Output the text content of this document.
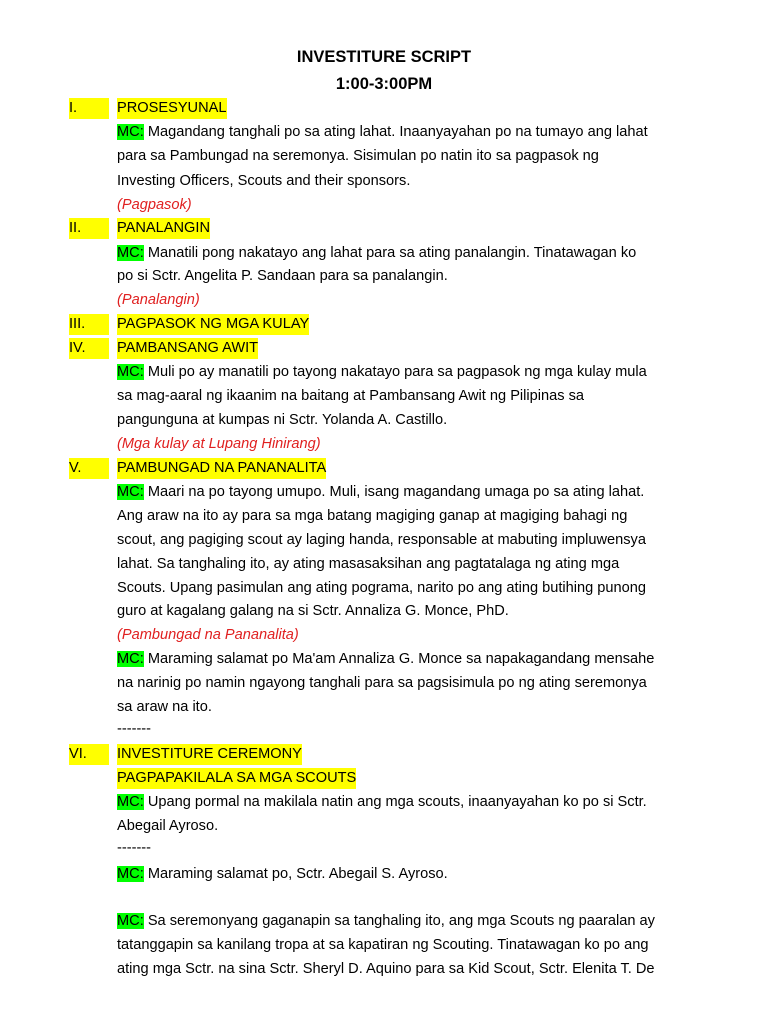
INVESTITURE SCRIPT
1:00-3:00PM
I.	PROSESYUNAL
MC: Magandang tanghali po sa ating lahat. Inaanyayahan po na tumayo ang lahat
para sa Pambungad na seremonya. Sisimulan po natin ito sa pagpasok ng
Investing Officers, Scouts and their sponsors.
(Pagpasok)
II.	PANALANGIN
MC: Manatili pong nakatayo ang lahat para sa ating panalangin. Tinatawagan ko
po si Sctr. Angelita P. Sandaan para sa panalangin.
(Panalangin)
III.	PAGPASOK NG MGA KULAY
IV.	PAMBANSANG AWIT
MC: Muli po ay manatili po tayong nakatayo para sa pagpasok ng mga kulay mula
sa mag-aaral ng ikaanim na baitang at Pambansang Awit ng Pilipinas sa
pangunguna at kumpas ni Sctr. Yolanda A. Castillo.
(Mga kulay at Lupang Hinirang)
V.	PAMBUNGAD NA PANANALITA
MC: Maari na po tayong umupo. Muli, isang magandang umaga po sa ating lahat.
Ang araw na ito ay para sa mga batang magiging ganap at magiging bahagi ng
scout, ang pagiging scout ay laging handa, responsable at mabuting impluwensya
lahat. Sa tanghaling ito, ay ating masasaksihan ang pagtatalaga ng ating mga
Scouts. Upang pasimulan ang ating pograma, narito po ang ating butihing punong
guro at kagalang galang na si Sctr. Annaliza G. Monce, PhD.
(Pambungad na Pananalita)
MC: Maraming salamat po Ma'am Annaliza G. Monce sa napakagandang mensahe
na narinig po namin ngayong tanghali para sa pagsisimula po ng ating seremonya
sa araw na ito.
-------
VI.	INVESTITURE CEREMONY
PAGPAPAKILALA SA MGA SCOUTS
MC: Upang pormal na makilala natin ang mga scouts, inaanyayahan ko po si Sctr.
Abegail Ayroso.
-------
MC: Maraming salamat po, Sctr. Abegail S. Ayroso.
MC: Sa seremonyang gaganapin sa tanghaling ito, ang mga Scouts ng paaralan ay
tatanggapin sa kanilang tropa at sa kapatiran ng Scouting. Tinatawagan ko po ang
ating mga Sctr. na sina Sctr. Sheryl D. Aquino para sa Kid Scout, Sctr. Elenita T. De
